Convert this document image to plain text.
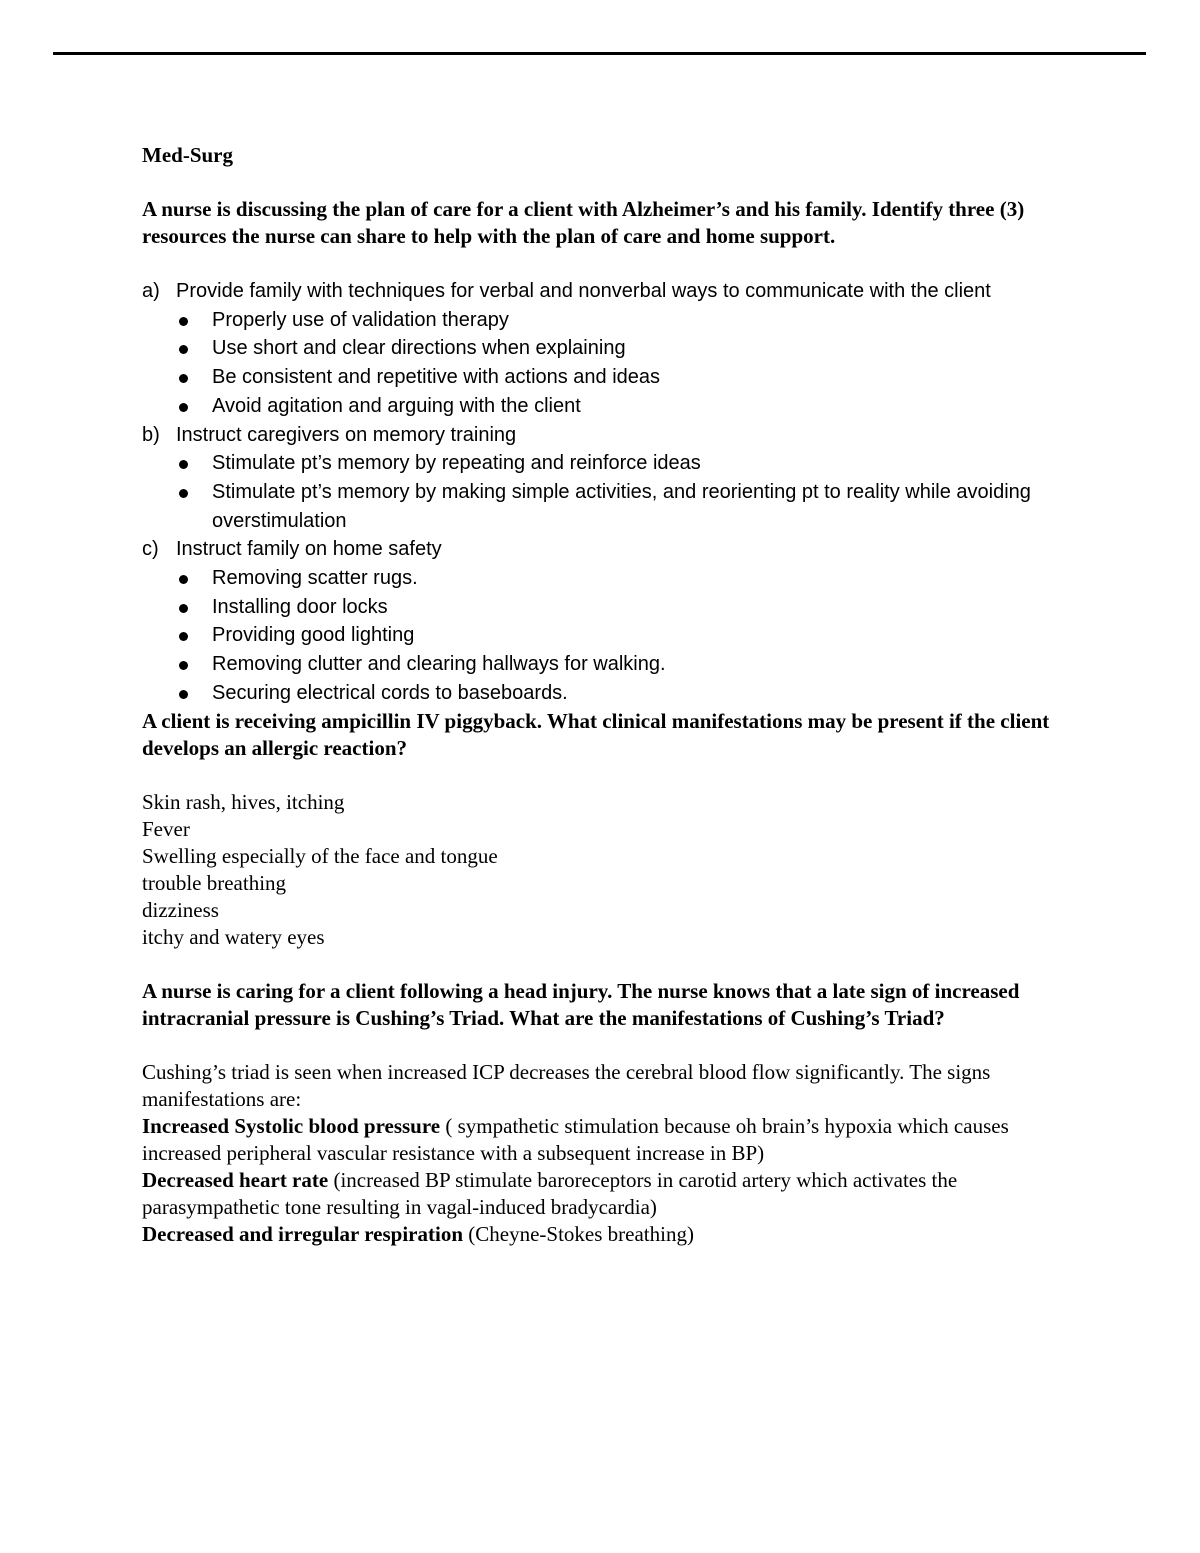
Med-Surg

A nurse is discussing the plan of care for a client with Alzheimer’s and his family. Identify three (3) resources the nurse can share to help with the plan of care and home support.

a) Provide family with techniques for verbal and nonverbal ways to communicate with the client
Properly use of validation therapy
Use short and clear directions when explaining
Be consistent and repetitive with actions and ideas
Avoid agitation and arguing with the client
b) Instruct caregivers on memory training
Stimulate pt’s memory by repeating and reinforce ideas
Stimulate pt’s memory by making simple activities, and reorienting pt to reality while avoiding overstimulation
c) Instruct family on home safety
Removing scatter rugs.
Installing door locks
Providing good lighting
Removing clutter and clearing hallways for walking.
Securing electrical cords to baseboards.

A client is receiving ampicillin IV piggyback. What clinical manifestations may be present if the client develops an allergic reaction?

Skin rash, hives, itching
Fever
Swelling especially of the face and tongue
trouble breathing
dizziness
itchy and watery eyes

A nurse is caring for a client following a head injury. The nurse knows that a late sign of increased intracranial pressure is Cushing’s Triad. What are the manifestations of Cushing’s Triad?

Cushing’s triad is seen when increased ICP decreases the cerebral blood flow significantly. The signs manifestations are:

Increased Systolic blood pressure ( sympathetic stimulation because oh brain’s hypoxia which causes increased peripheral vascular resistance with a subsequent increase in BP)

Decreased heart rate (increased BP stimulate baroreceptors in carotid artery which activates the parasympathetic tone resulting in vagal-induced bradycardia)

Decreased and irregular respiration (Cheyne-Stokes breathing)
